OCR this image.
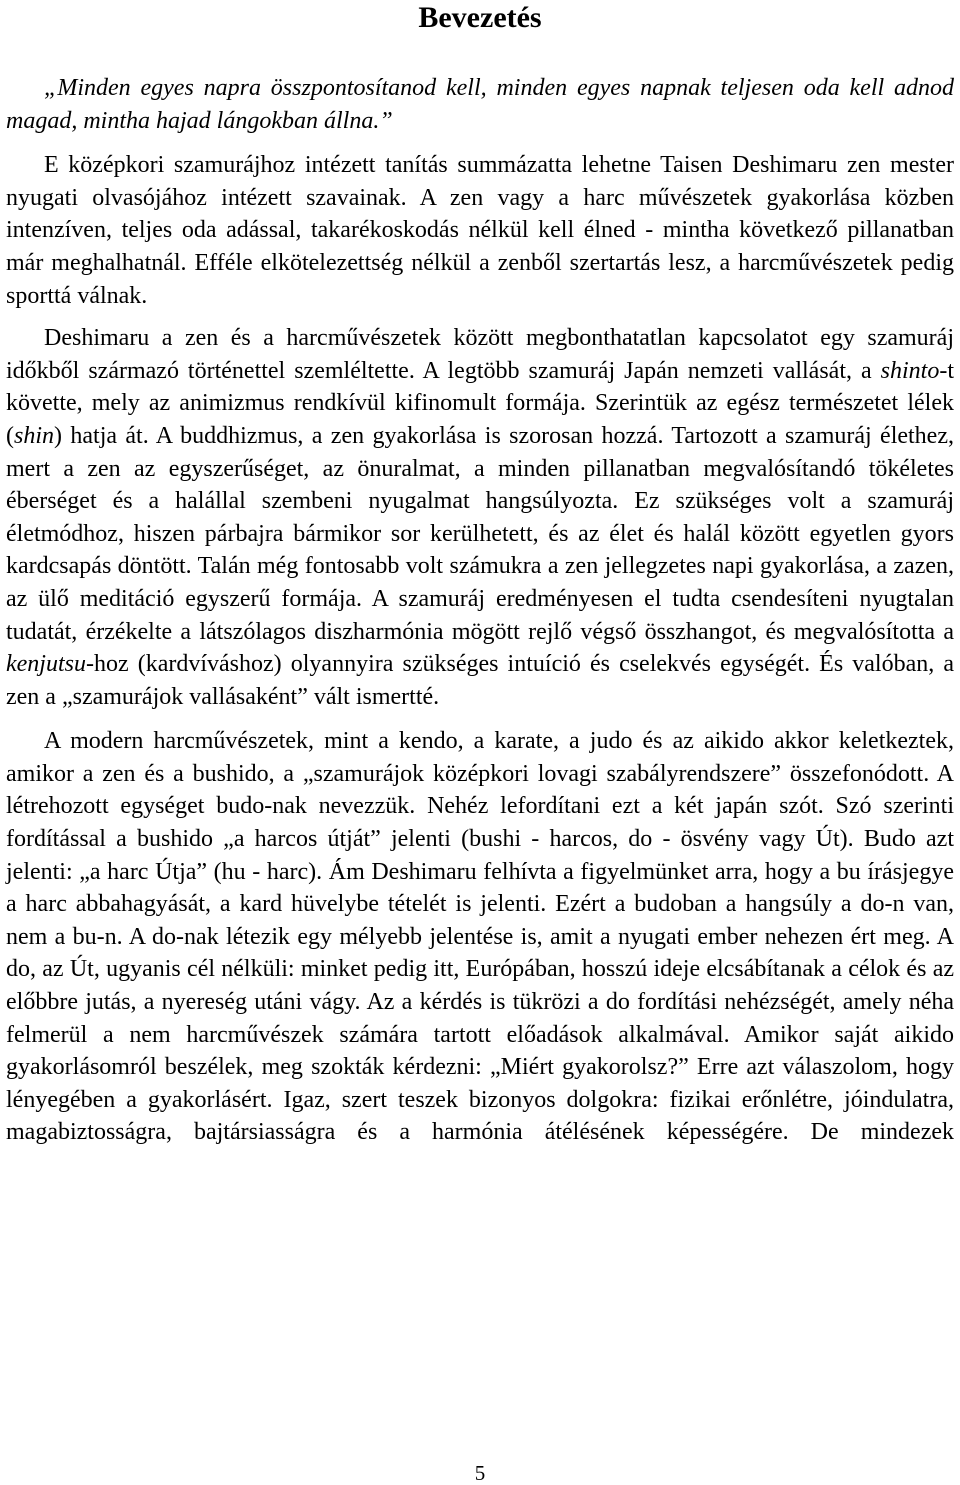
Bevezetés

„Minden egyes napra összpontosítanod kell, minden egyes napnak teljesen oda kell adnod magad, mintha hajad lángokban állna.”

E középkori szamurájhoz intézett tanítás summázatta lehetne Taisen Deshimaru zen mester nyugati olvasójához intézett szavainak. A zen vagy a harc művészetek gyakorlása közben intenzíven, teljes oda adással, takarékoskodás nélkül kell élned - mintha következő pillanatban már meghalhatnál. Efféle elkötelezettség nélkül a zenből szertartás lesz, a harcművészetek pedig sporttá válnak.

Deshimaru a zen és a harcművészetek között megbonthatatlan kapcsolatot egy szamuráj időkből származó történettel szemléltette. A legtöbb szamuráj Japán nemzeti vallását, a shinto-t követte, mely az animizmus rendkívül kifinomult formája. Szerintük az egész természetet lélek (shin) hatja át. A buddhizmus, a zen gyakorlása is szorosan hozzá. Tartozott a szamuráj élethez, mert a zen az egyszerűséget, az önuralmat, a minden pillanatban megvalósítandó tökéletes éberséget és a halállal szembeni nyugalmat hangsúlyozta. Ez szükséges volt a szamuráj életmódhoz, hiszen párbajra bármikor sor kerülhetett, és az élet és halál között egyetlen gyors kardcsapás döntött. Talán még fontosabb volt számukra a zen jellegzetes napi gyakorlása, a zazen, az ülő meditáció egyszerű formája. A szamuráj eredményesen el tudta csendesíteni nyugtalan tudatát, érzékelte a látszólagos diszharmónia mögött rejlő végső összhangot, és megvalósította a kenjutsu-hoz (kardvíváshoz) olyannyira szükséges intuíció és cselekvés egységét. És valóban, a zen a „szamurájok vallásaként” vált ismertté.

A modern harcművészetek, mint a kendo, a karate, a judo és az aikido akkor keletkeztek, amikor a zen és a bushido, a „szamurájok középkori lovagi szabályrendszere” összefonódott. A létrehozott egységet budo-nak nevezzük. Nehéz lefordítani ezt a két japán szót. Szó szerinti fordítással a bushido „a harcos útját” jelenti (bushi - harcos, do - ösvény vagy Út). Budo azt jelenti: „a harc Útja” (hu - harc). Ám Deshimaru felhívta a figyelmünket arra, hogy a bu írásjegye a harc abbahagyását, a kard hüvelybe tételét is jelenti. Ezért a budoban a hangsúly a do-n van, nem a bu-n. A do-nak létezik egy mélyebb jelentése is, amit a nyugati ember nehezen ért meg. A do, az Út, ugyanis cél nélküli: minket pedig itt, Európában, hosszú ideje elcsábítanak a célok és az előbbre jutás, a nyereség utáni vágy. Az a kérdés is tükrözi a do fordítási nehézségét, amely néha felmerül a nem harcművészek számára tartott előadások alkalmával. Amikor saját aikido gyakorlásomról beszélek, meg szokták kérdezni: „Miért gyakorolsz?” Erre azt válaszolom, hogy lényegében a gyakorlásért. Igaz, szert teszek bizonyos dolgokra: fizikai erőnlétre, jóindulatra, magabiztosságra, bajtársiasságra és a harmónia átélésének képességére. De mindezek

5
